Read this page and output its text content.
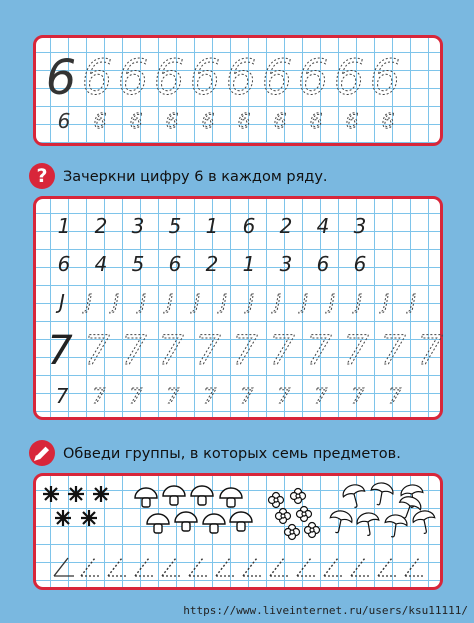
6 6 6 6 6 6 6 6 6 6
6 6 6 6 6 6 6 6 6 6
?	Зачеркни цифру 6 в каждом ряду.
1 2 3 5 1 6 2 4 3
6 4 5 6 2 1 3 6 6
J J J J J J J J J J J J J J
7 7 7 7 7 7 7 7 7 7 7
7 7 7 7 7 7 7 7 7 7
Обведи группы, в которых семь предметов.
https://www.liveinternet.ru/users/ksu11111/
